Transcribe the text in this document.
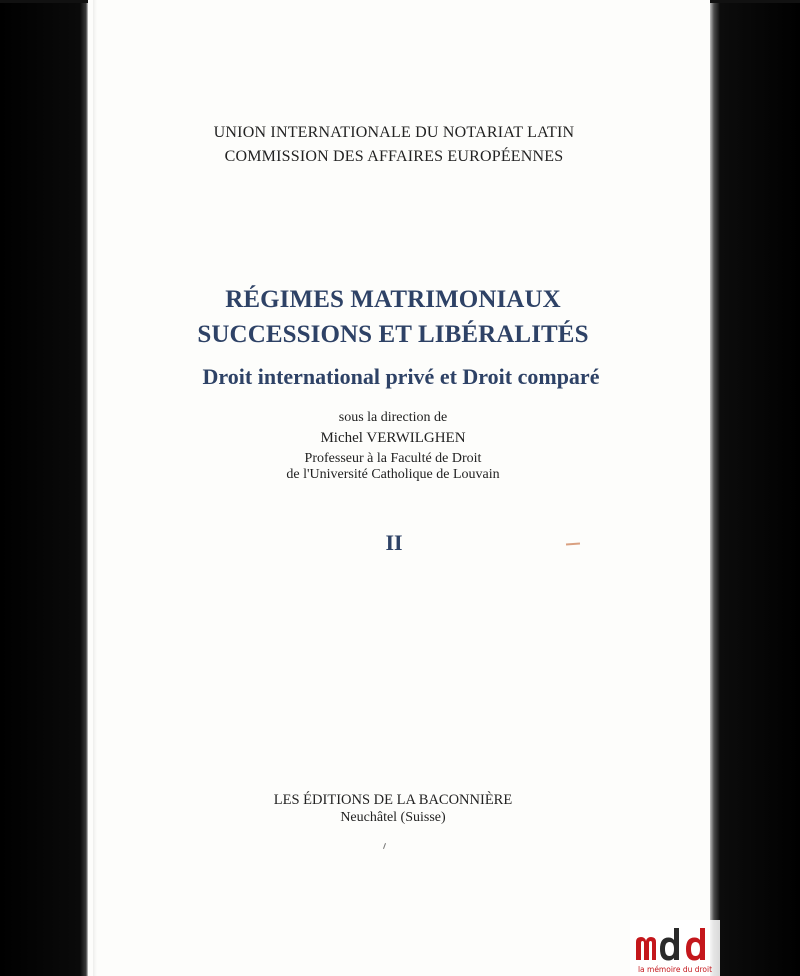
UNION INTERNATIONALE DU NOTARIAT LATIN

COMMISSION DES AFFAIRES EUROPÉENNES

RÉGIMES MATRIMONIAUX

SUCCESSIONS ET LIBÉRALITÉS

Droit international privé et Droit comparé

sous la direction de

Michel VERWILGHEN

Professeur à la Faculté de Droit

de l'Université Catholique de Louvain

II

LES ÉDITIONS DE LA BACONNIÈRE

Neuchâtel (Suisse)

la mémoire du droit
